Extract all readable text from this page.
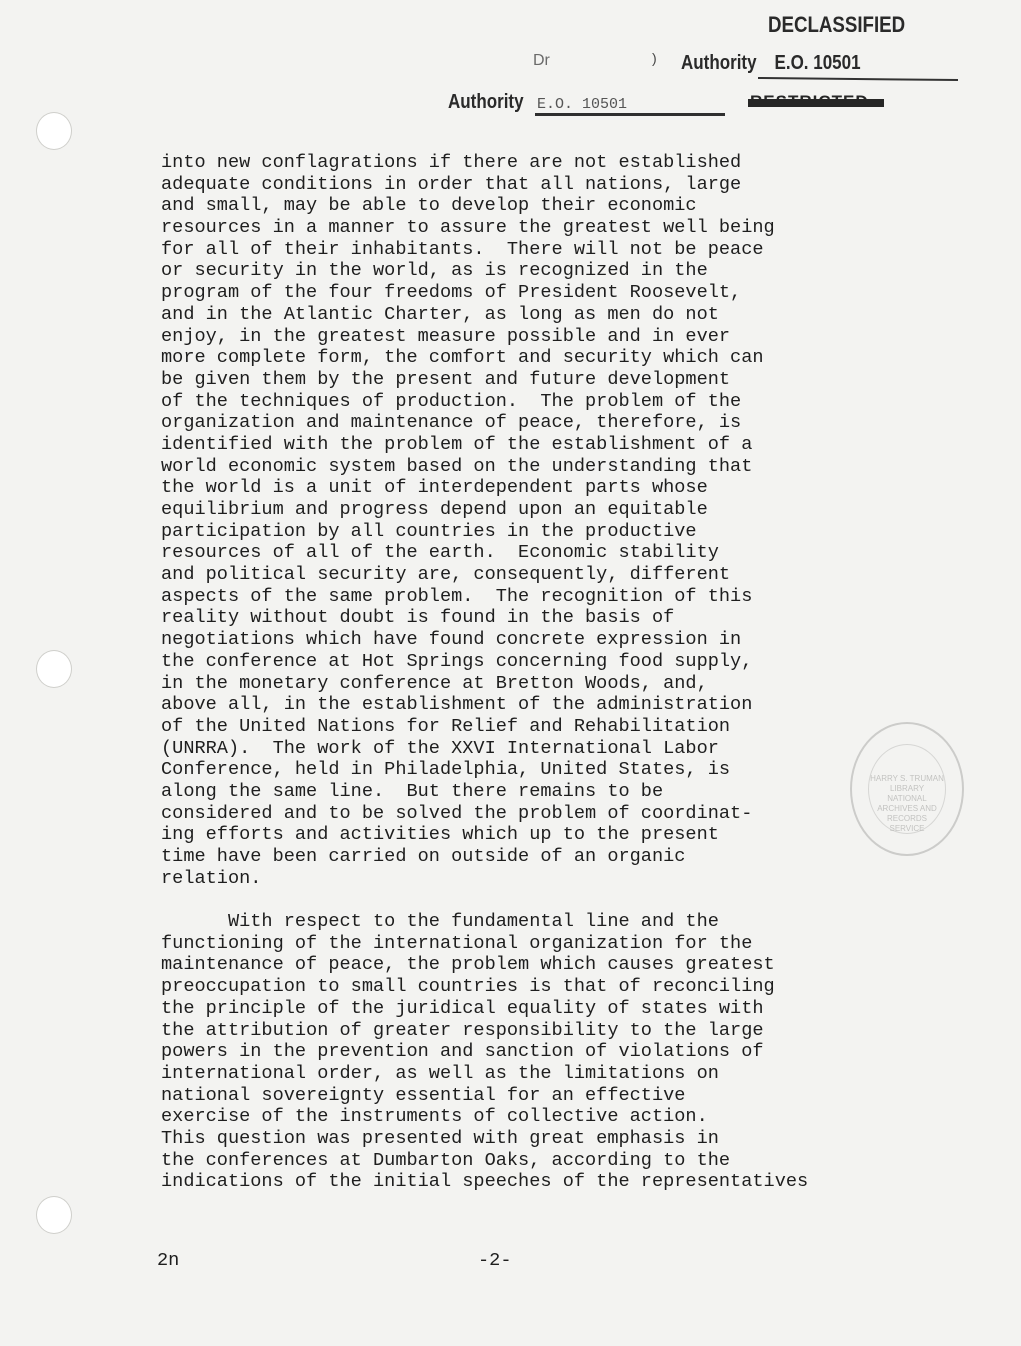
DECLASSIFIED
Dr	) Authority E.O. 10501
Authority E.O. 10501
into new conflagrations if there are not established
adequate conditions in order that all nations, large
and small, may be able to develop their economic
resources in a manner to assure the greatest well being
for all of their inhabitants.  There will not be peace
or security in the world, as is recognized in the
program of the four freedoms of President Roosevelt,
and in the Atlantic Charter, as long as men do not
enjoy, in the greatest measure possible and in ever
more complete form, the comfort and security which can
be given them by the present and future development
of the techniques of production.  The problem of the
organization and maintenance of peace, therefore, is
identified with the problem of the establishment of a
world economic system based on the understanding that
the world is a unit of interdependent parts whose
equilibrium and progress depend upon an equitable
participation by all countries in the productive
resources of all of the earth.  Economic stability
and political security are, consequently, different
aspects of the same problem.  The recognition of this
reality without doubt is found in the basis of
negotiations which have found concrete expression in
the conference at Hot Springs concerning food supply,
in the monetary conference at Bretton Woods, and,
above all, in the establishment of the administration
of the United Nations for Relief and Rehabilitation
(UNRRA).  The work of the XXVI International Labor
Conference, held in Philadelphia, United States, is
along the same line.  But there remains to be
considered and to be solved the problem of coordinat-
ing efforts and activities which up to the present
time have been carried on outside of an organic
relation.
With respect to the fundamental line and the
functioning of the international organization for the
maintenance of peace, the problem which causes greatest
preoccupation to small countries is that of reconciling
the principle of the juridical equality of states with
the attribution of greater responsibility to the large
powers in the prevention and sanction of violations of
international order, as well as the limitations on
national sovereignty essential for an effective
exercise of the instruments of collective action.
This question was presented with great emphasis in
the conferences at Dumbarton Oaks, according to the
indications of the initial speeches of the representatives
HARRY S. TRUMAN LIBRARY NATIONAL ARCHIVES AND RECORDS SERVICE
2n	-2-
